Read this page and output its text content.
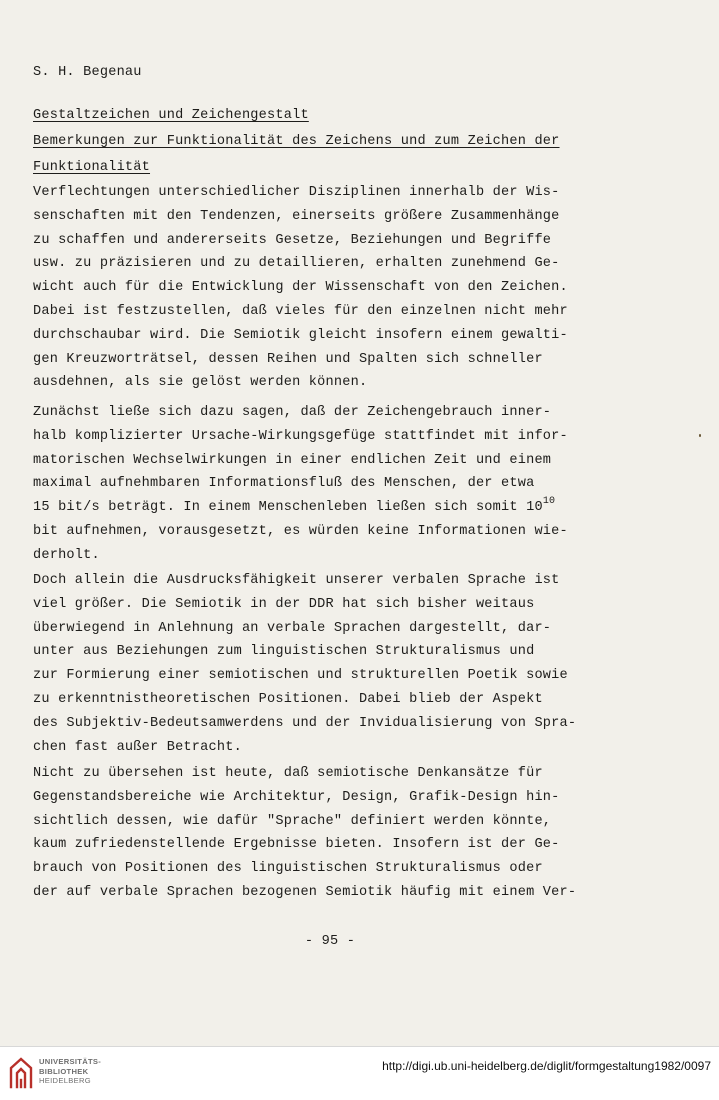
S. H. Begenau
Gestaltzeichen und Zeichengestalt
Bemerkungen zur Funktionalität des Zeichens und zum Zeichen der
Funktionalität
Verflechtungen unterschiedlicher Disziplinen innerhalb der Wis-
senschaften mit den Tendenzen, einerseits größere Zusammenhänge
zu schaffen und andererseits Gesetze, Beziehungen und Begriffe
usw. zu präzisieren und zu detaillieren, erhalten zunehmend Ge-
wicht auch für die Entwicklung der Wissenschaft von den Zeichen.
Dabei ist festzustellen, daß vieles für den einzelnen nicht mehr
durchschaubar wird. Die Semiotik gleicht insofern einem gewalti-
gen Kreuzworträtsel, dessen Reihen und Spalten sich schneller
ausdehnen, als sie gelöst werden können.
Zunächst ließe sich dazu sagen, daß der Zeichengebrauch inner-
halb komplizierter Ursache-Wirkungsgefüge stattfindet mit infor-
matorischen Wechselwirkungen in einer endlichen Zeit und einem
maximal aufnehmbaren Informationsfluß des Menschen, der etwa
15 bit/s beträgt. In einem Menschenleben ließen sich somit $10^{10}$
bit aufnehmen, vorausgesetzt, es würden keine Informationen wie-
derholt.
Doch allein die Ausdrucksfähigkeit unserer verbalen Sprache ist
viel größer. Die Semiotik in der DDR hat sich bisher weitaus
überwiegend in Anlehnung an verbale Sprachen dargestellt, dar-
unter aus Beziehungen zum linguistischen Strukturalismus und
zur Formierung einer semiotischen und strukturellen Poetik sowie
zu erkenntnistheoretischen Positionen. Dabei blieb der Aspekt
des Subjektiv-Bedeutsamwerdens und der Invidualisierung von Spra-
chen fast außer Betracht.
Nicht zu übersehen ist heute, daß semiotische Denkansätze für
Gegenstandsbereiche wie Architektur, Design, Grafik-Design hin-
sichtlich dessen, wie dafür "Sprache" definiert werden könnte,
kaum zufriedenstellende Ergebnisse bieten. Insofern ist der Ge-
brauch von Positionen des linguistischen Strukturalismus oder
der auf verbale Sprachen bezogenen Semiotik häufig mit einem Ver-
- 95 -
UNIVERSITÄTS-
BIBLIOTHEK
HEIDELBERG
http://digi.ub.uni-heidelberg.de/diglit/formgestaltung1982/0097
